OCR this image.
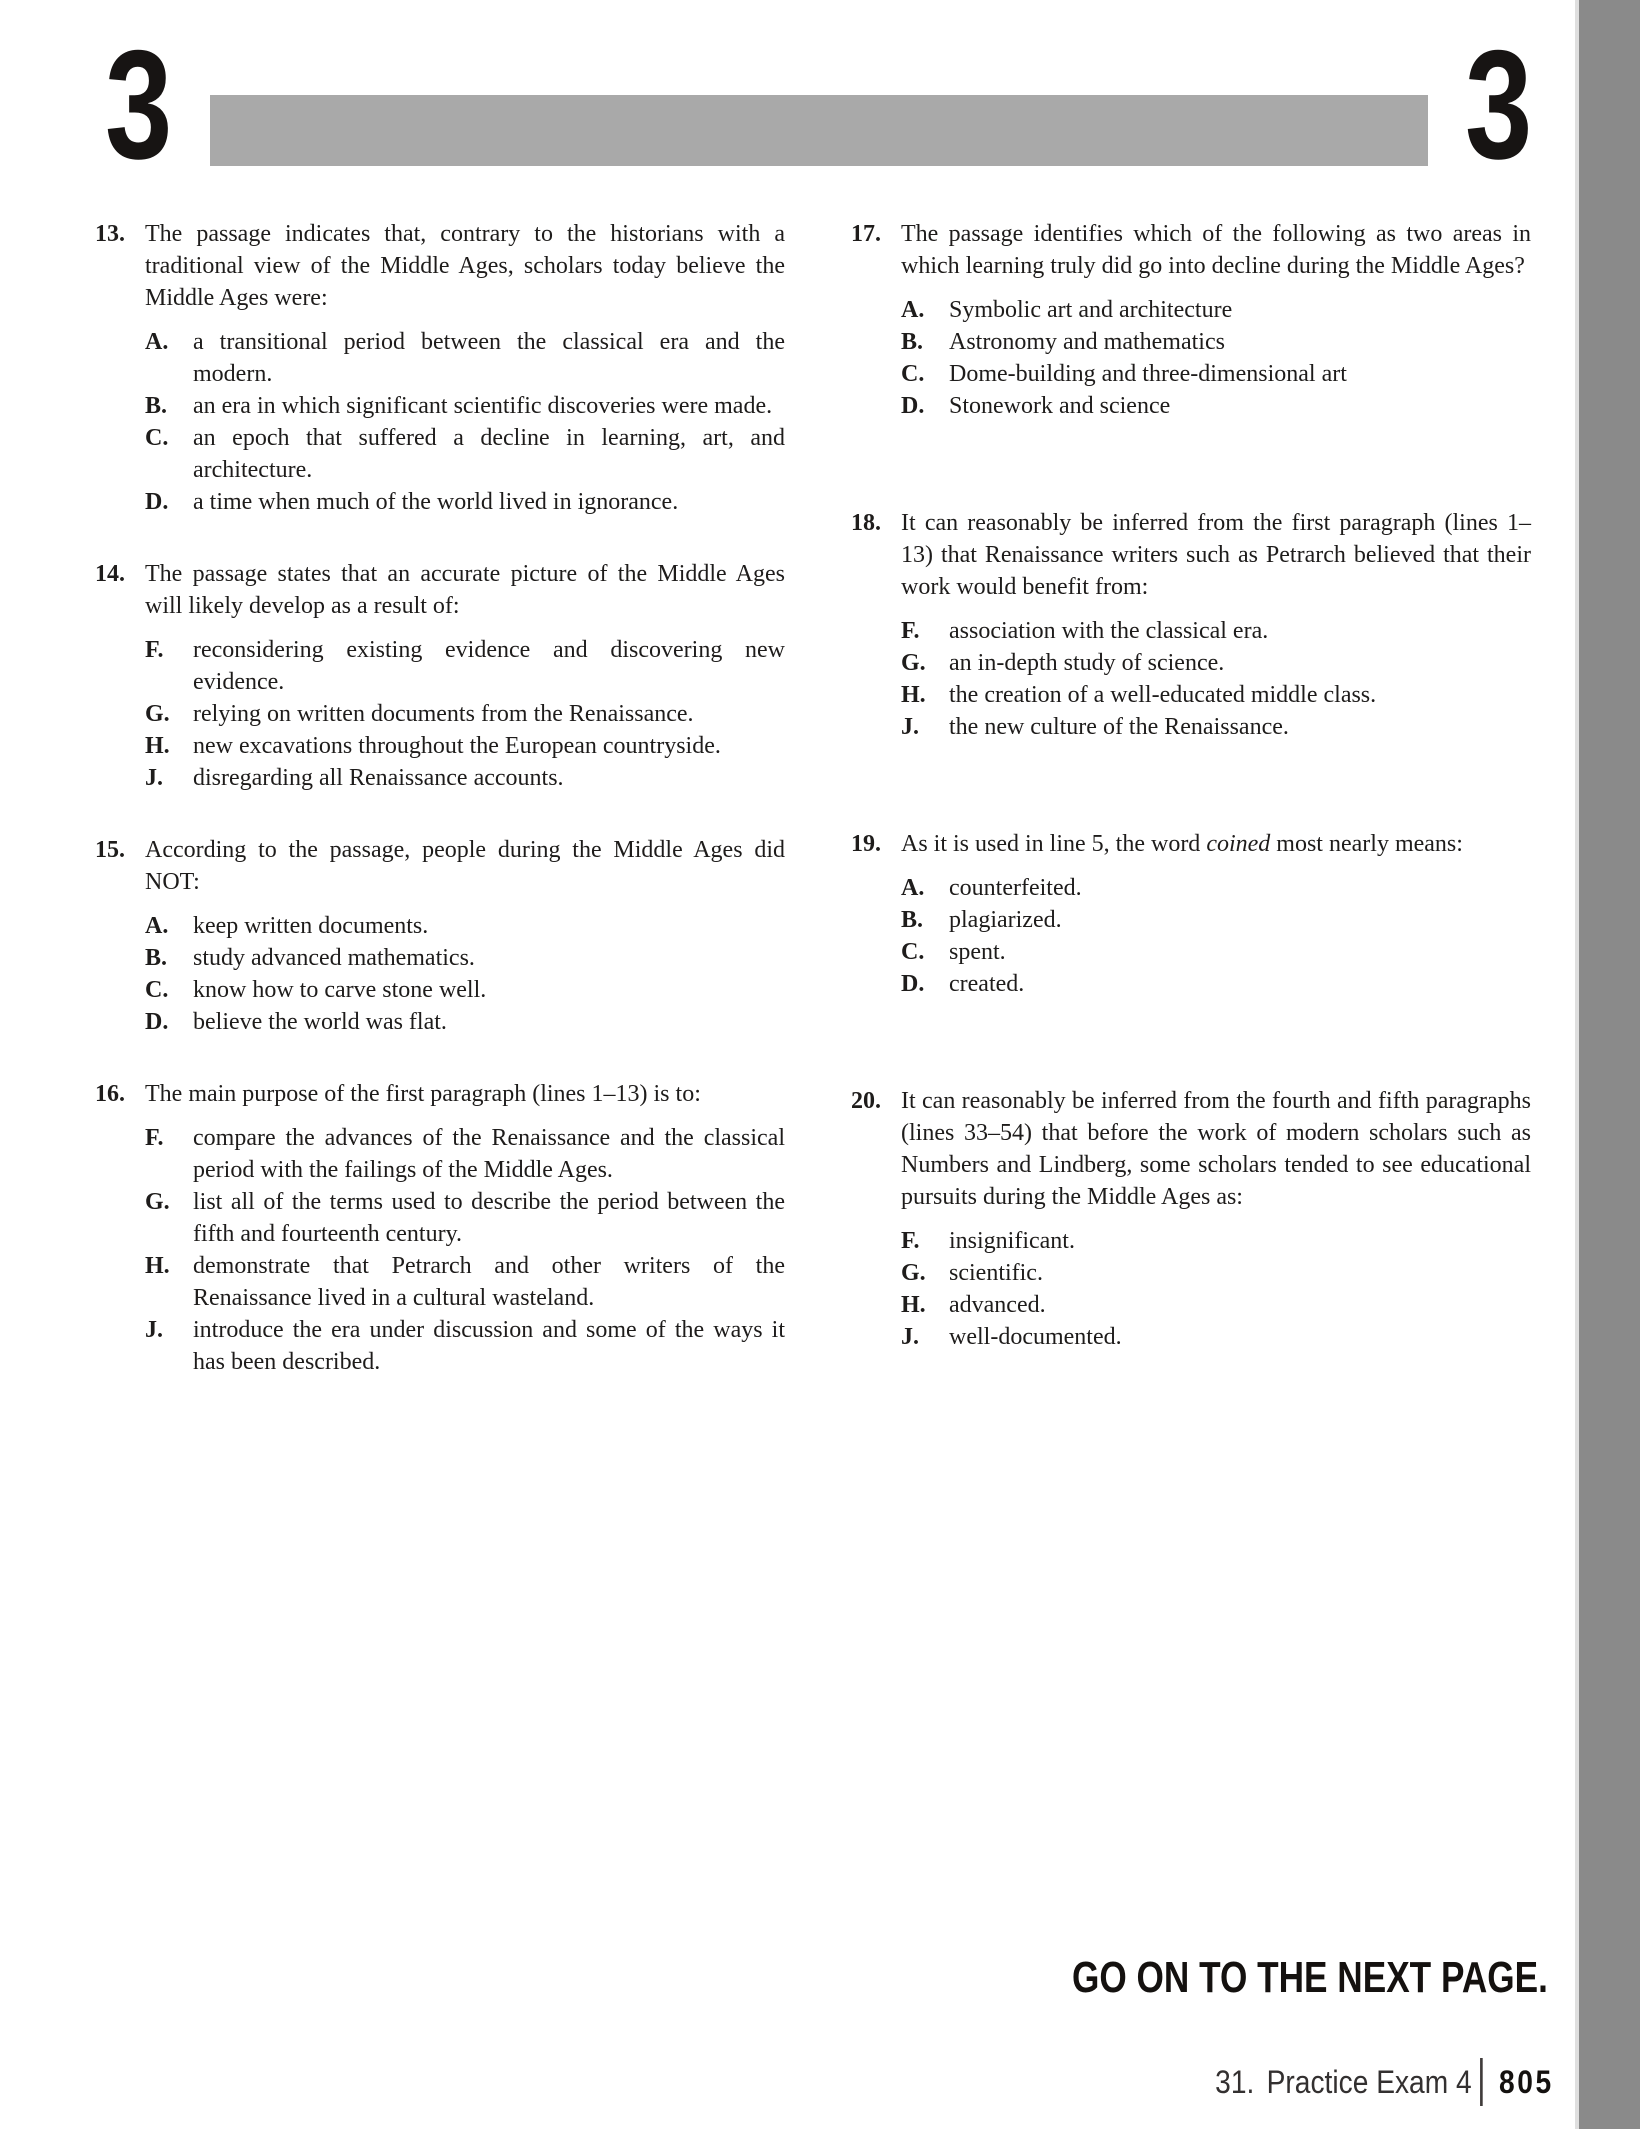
3	3
13. The passage indicates that, contrary to the historians with a traditional view of the Middle Ages, scholars today believe the Middle Ages were:
A.	a transitional period between the classical era and the modern.
B.	an era in which significant scientific discoveries were made.
C.	an epoch that suffered a decline in learning, art, and architecture.
D.	a time when much of the world lived in ignorance.
14. The passage states that an accurate picture of the Middle Ages will likely develop as a result of:
F.	reconsidering existing evidence and discovering new evidence.
G. relying on written documents from the Renaissance.
H. new excavations throughout the European countryside.
J.	disregarding all Renaissance accounts.
15. According to the passage, people during the Middle Ages did NOT:
A.	keep written documents.
B.	study advanced mathematics.
C.	know how to carve stone well.
D.	believe the world was flat.
16. The main purpose of the first paragraph (lines 1–13) is to:
F.	compare the advances of the Renaissance and the classical period with the failings of the Middle Ages.
G. list all of the terms used to describe the period between the fifth and fourteenth century.
H. demonstrate that Petrarch and other writers of the Renaissance lived in a cultural wasteland.
J.	introduce the era under discussion and some of the ways it has been described.
17. The passage identifies which of the following as two areas in which learning truly did go into decline during the Middle Ages?
A.	Symbolic art and architecture
B.	Astronomy and mathematics
C.	Dome-building and three-dimensional art
D.	Stonework and science
18. It can reasonably be inferred from the first paragraph (lines 1–13) that Renaissance writers such as Petrarch believed that their work would benefit from:
F.	association with the classical era.
G. an in-depth study of science.
H. the creation of a well-educated middle class.
J.	the new culture of the Renaissance.
19. As it is used in line 5, the word coined most nearly means:
A.	counterfeited.
B.	plagiarized.
C.	spent.
D.	created.
20. It can reasonably be inferred from the fourth and fifth paragraphs (lines 33–54) that before the work of modern scholars such as Numbers and Lindberg, some scholars tended to see educational pursuits during the Middle Ages as:
F.	insignificant.
G. scientific.
H. advanced.
J.	well-documented.
GO ON TO THE NEXT PAGE.
31. Practice Exam 4 805
